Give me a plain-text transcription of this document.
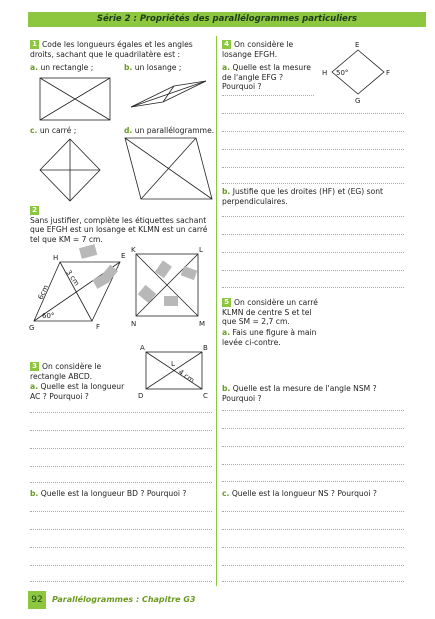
Série 2 : Propriétés des parallélogrammes particuliers
1 Code les longueurs égales et les angles droits, sachant que le quadrilatère est :
a. un rectangle ;	b. un losange ;
c. un carré ;	d. un parallélogramme.
2
Sans justifier, complète les étiquettes sachant que EFGH est un losange et KLMN est un carré tel que KM = 7 cm.
3 On considère le rectangle ABCD.
a. Quelle est la longueur AC ? Pourquoi ?
b. Quelle est la longueur BD ? Pourquoi ?
4 On considère le losange EFGH.
a. Quelle est la mesure de l'angle EFG ? Pourquoi ?
b. Justifie que les droites (HF) et (EG) sont perpendiculaires.
5 On considère un carré KLMN de centre S et tel que SM = 2,7 cm.
a. Fais une figure à main levée ci-contre.
b. Quelle est la mesure de l'angle NSM ? Pourquoi ?
c. Quelle est la longueur NS ? Pourquoi ?
H	E
G	F
60°
3 cm
6cm
K	L
N	M
A	B
C
D
L
4 cm
E
F
G
H 50°
92	Parallélogrammes : Chapitre G3
